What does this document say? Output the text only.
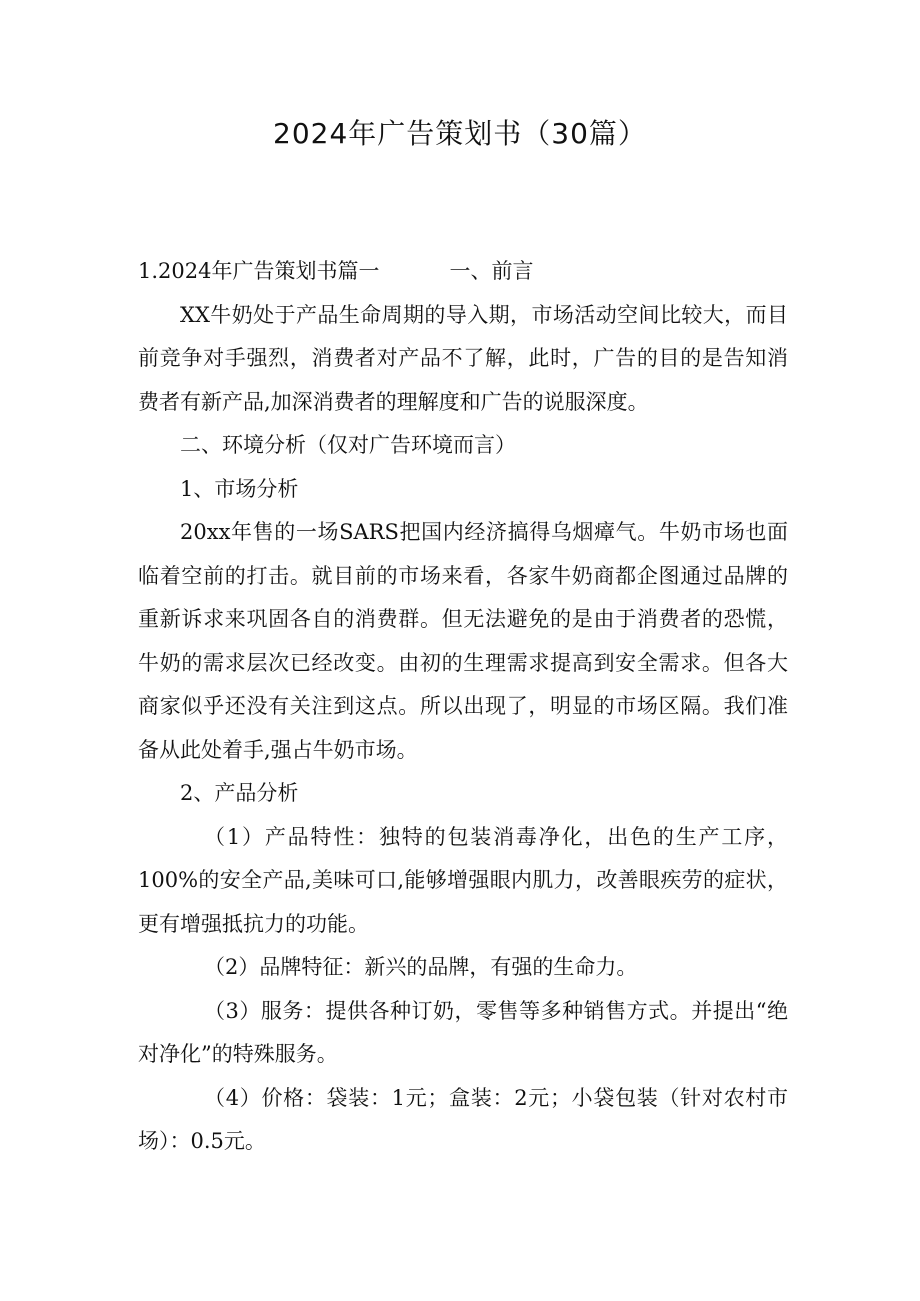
2024年广告策划书（30篇）

1.2024年广告策划书篇一	一、前言

XX牛奶处于产品生命周期的导入期，市场活动空间比较大，而目前竞争对手强烈，消费者对产品不了解，此时，广告的目的是告知消费者有新产品,加深消费者的理解度和广告的说服深度。

二、环境分析（仅对广告环境而言）

1、市场分析

20xx年售的一场SARS把国内经济搞得乌烟瘴气。牛奶市场也面临着空前的打击。就目前的市场来看，各家牛奶商都企图通过品牌的重新诉求来巩固各自的消费群。但无法避免的是由于消费者的恐慌，牛奶的需求层次已经改变。由初的生理需求提高到安全需求。但各大商家似乎还没有关注到这点。所以出现了，明显的市场区隔。我们准备从此处着手,强占牛奶市场。

2、产品分析

（1）产品特性：独特的包装消毒净化，出色的生产工序，100%的安全产品,美味可口,能够增强眼内肌力，改善眼疾劳的症状，更有增强抵抗力的功能。

（2）品牌特征：新兴的品牌，有强的生命力。

（3）服务：提供各种订奶，零售等多种销售方式。并提出“绝对净化”的特殊服务。

（4）价格：袋装：1元；盒装：2元；小袋包装（针对农村市场）：0.5元。
